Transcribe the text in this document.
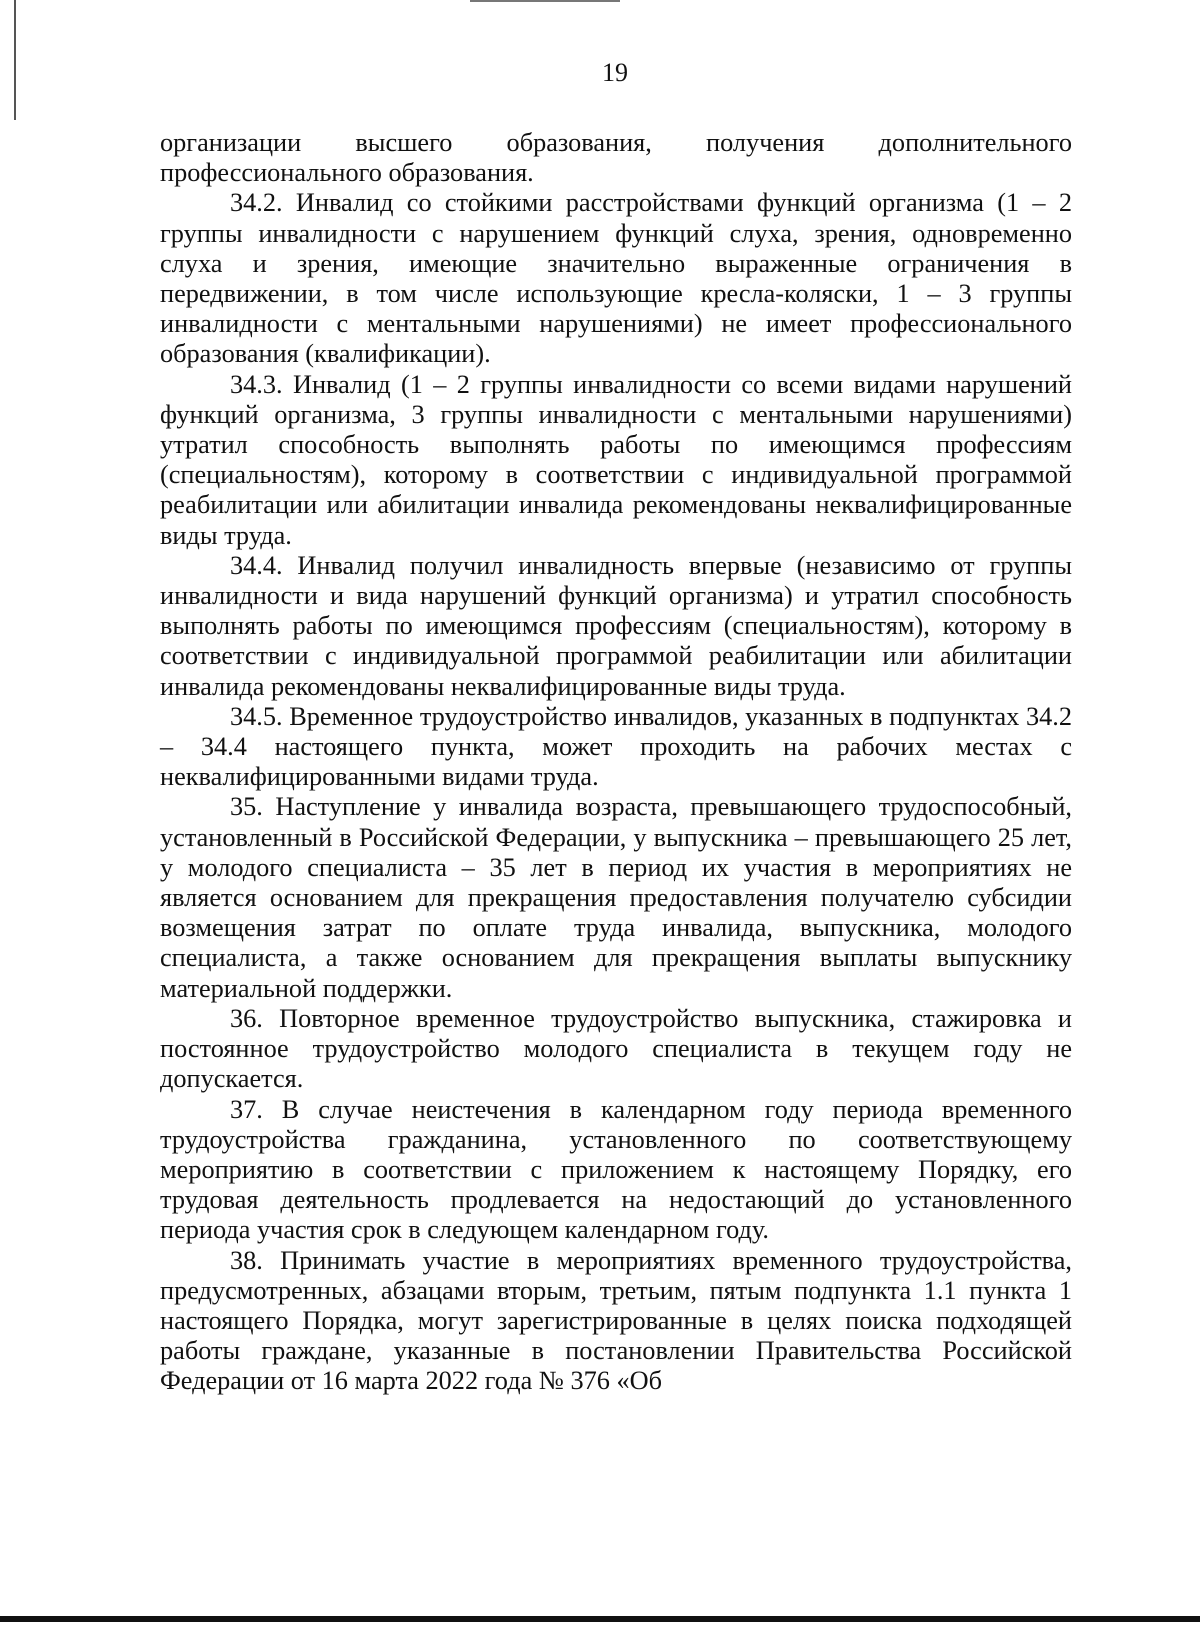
19

организации высшего образования, получения дополнительного профессионального образования.

34.2. Инвалид со стойкими расстройствами функций организма (1 – 2 группы инвалидности с нарушением функций слуха, зрения, одновременно слуха и зрения, имеющие значительно выраженные ограничения в передвижении, в том числе использующие кресла-коляски, 1 – 3 группы инвалидности с ментальными нарушениями) не имеет профессионального образования (квалификации).

34.3. Инвалид (1 – 2 группы инвалидности со всеми видами нарушений функций организма, 3 группы инвалидности с ментальными нарушениями) утратил способность выполнять работы по имеющимся профессиям (специальностям), которому в соответствии с индивидуальной программой реабилитации или абилитации инвалида рекомендованы неквалифицированные виды труда.

34.4. Инвалид получил инвалидность впервые (независимо от группы инвалидности и вида нарушений функций организма) и утратил способность выполнять работы по имеющимся профессиям (специальностям), которому в соответствии с индивидуальной программой реабилитации или абилитации инвалида рекомендованы неквалифицированные виды труда.

34.5. Временное трудоустройство инвалидов, указанных в подпунктах 34.2 – 34.4 настоящего пункта, может проходить на рабочих местах с неквалифицированными видами труда.

35. Наступление у инвалида возраста, превышающего трудоспособный, установленный в Российской Федерации, у выпускника – превышающего 25 лет, у молодого специалиста – 35 лет в период их участия в мероприятиях не является основанием для прекращения предоставления получателю субсидии возмещения затрат по оплате труда инвалида, выпускника, молодого специалиста, а также основанием для прекращения выплаты выпускнику материальной поддержки.

36. Повторное временное трудоустройство выпускника, стажировка и постоянное трудоустройство молодого специалиста в текущем году не допускается.

37. В случае неистечения в календарном году периода временного трудоустройства гражданина, установленного по соответствующему мероприятию в соответствии с приложением к настоящему Порядку, его трудовая деятельность продлевается на недостающий до установленного периода участия срок в следующем календарном году.

38. Принимать участие в мероприятиях временного трудоустройства, предусмотренных, абзацами вторым, третьим, пятым подпункта 1.1 пункта 1 настоящего Порядка, могут зарегистрированные в целях поиска подходящей работы граждане, указанные в постановлении Правительства Российской Федерации от 16 марта 2022 года № 376 «Об
